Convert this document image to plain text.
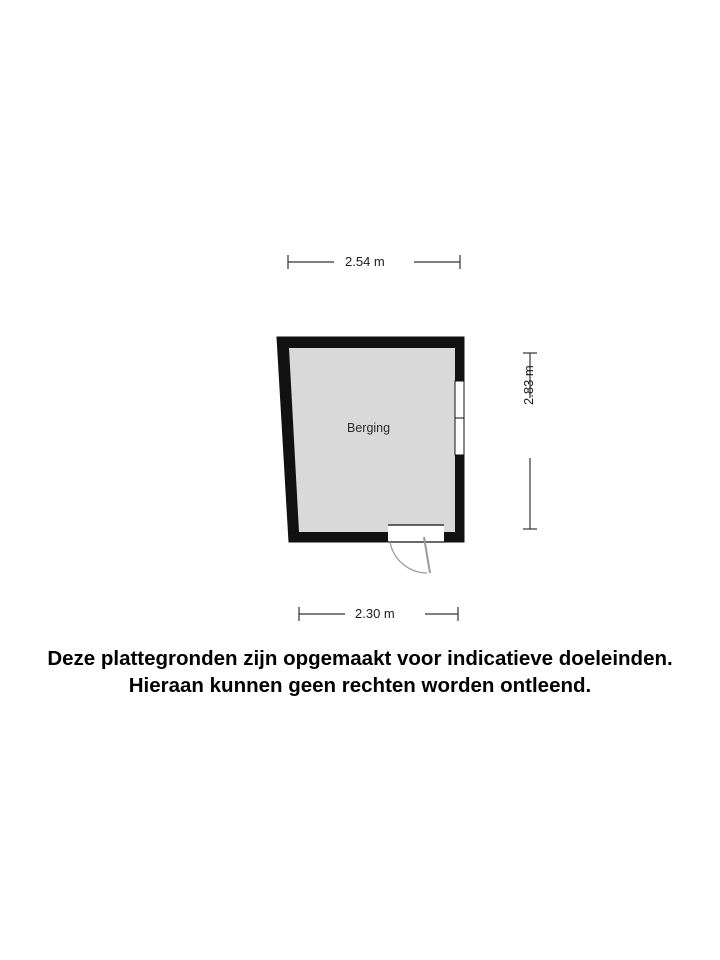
2.54 m
2.30 m
2.83 m
Berging
Deze plattegronden zijn opgemaakt voor indicatieve doeleinden.
Hieraan kunnen geen rechten worden ontleend.
